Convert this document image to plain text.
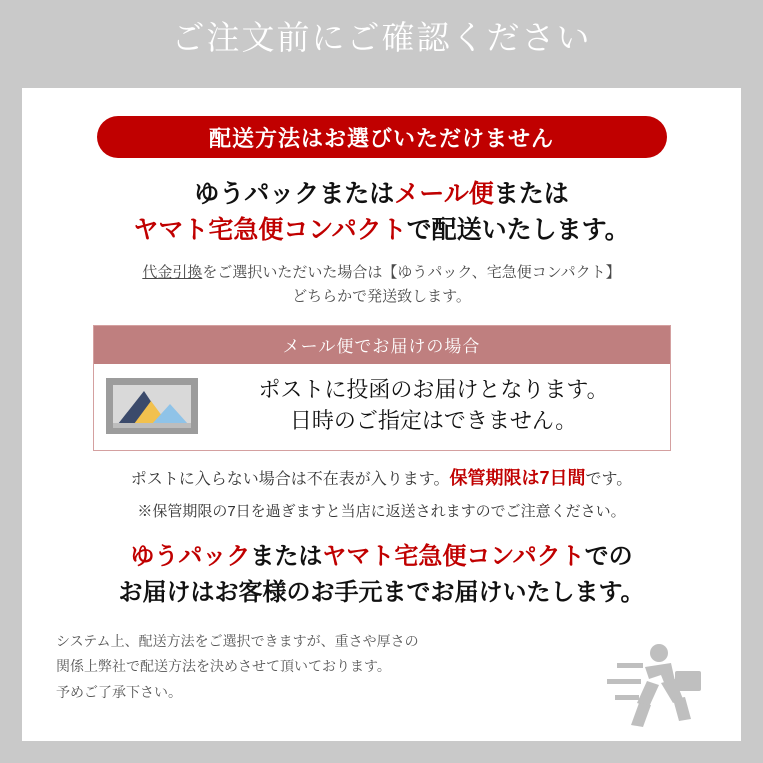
ご注文前にご確認ください
配送方法はお選びいただけません
ゆうパックまたはメール便または
ヤマト宅急便コンパクトで配送いたします。
代金引換をご選択いただいた場合は【ゆうパック、宅急便コンパクト】
どちらかで発送致します。
メール便でお届けの場合
ポストに投函のお届けとなります。
日時のご指定はできません。
ポストに入らない場合は不在表が入ります。保管期限は7日間です。
※保管期限の7日を過ぎますと当店に返送されますのでご注意ください。
ゆうパックまたはヤマト宅急便コンパクトでの
お届けはお客様のお手元までお届けいたします。
システム上、配送方法をご選択できますが、重さや厚さの
関係上弊社で配送方法を決めさせて頂いております。
予めご了承下さい。
